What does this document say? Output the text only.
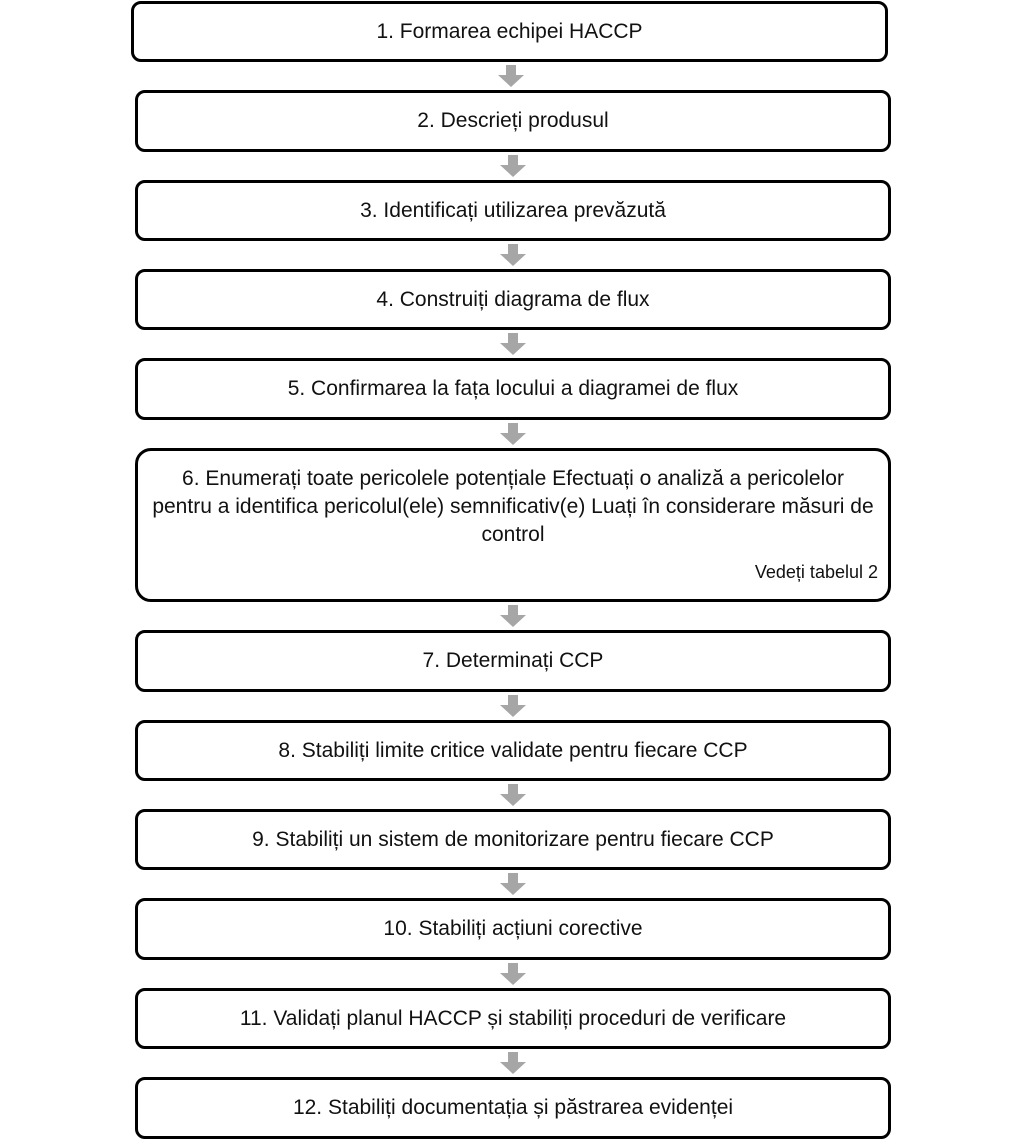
1. Formarea echipei HACCP
2. Descrieți produsul
3. Identificați utilizarea prevăzută
4. Construiți diagrama de flux
5. Confirmarea la fața locului a diagramei de flux
6. Enumerați toate pericolele potențiale Efectuați o analiză a pericolelor pentru a identifica pericolul(ele) semnificativ(e) Luați în considerare măsuri de control
Vedeți tabelul 2
7. Determinați CCP
8. Stabiliți limite critice validate pentru fiecare CCP
9. Stabiliți un sistem de monitorizare pentru fiecare CCP
10. Stabiliți acțiuni corective
11. Validați planul HACCP și stabiliți proceduri de verificare
12. Stabiliți documentația și păstrarea evidenței
